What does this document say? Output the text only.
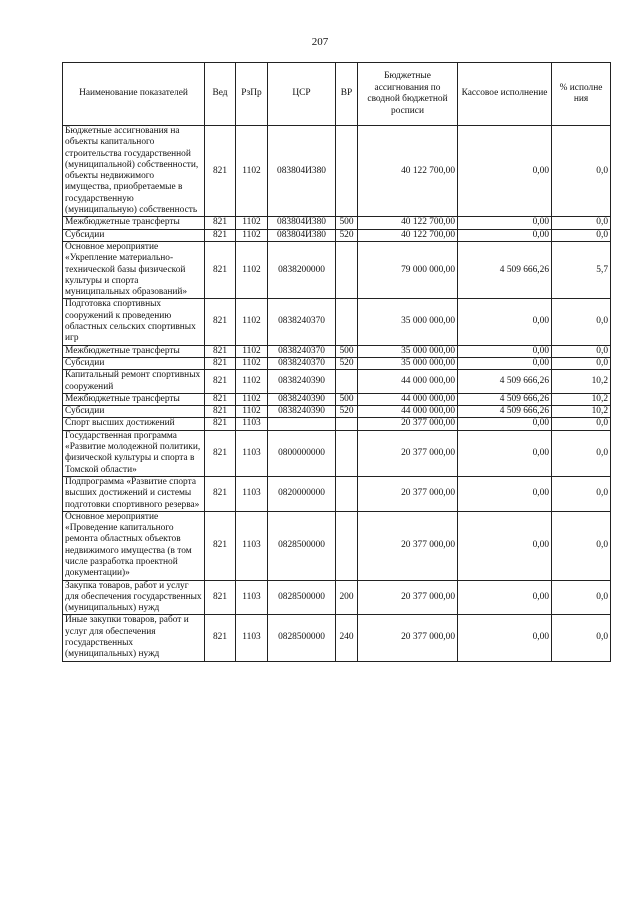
207
Наименование показателей	Вед	РзПр	ЦСР	ВР	Бюджетные ассигнования по сводной бюджетной росписи	Кассовое исполнение	% исполне ния
Бюджетные ассигнования на объекты капитального строительства государственной (муниципальной) собственности, объекты недвижимого имущества, приобретаемые в государственную (муниципальную) собственность	821	1102	083804И380		40 122 700,00	0,00	0,0
Межбюджетные трансферты	821	1102	083804И380	500	40 122 700,00	0,00	0,0
Субсидии	821	1102	083804И380	520	40 122 700,00	0,00	0,0
Основное мероприятие «Укрепление материально-технической базы физической культуры и спорта муниципальных образований»	821	1102	0838200000		79 000 000,00	4 509 666,26	5,7
Подготовка спортивных сооружений к проведению областных сельских спортивных игр	821	1102	0838240370		35 000 000,00	0,00	0,0
Межбюджетные трансферты	821	1102	0838240370	500	35 000 000,00	0,00	0,0
Субсидии	821	1102	0838240370	520	35 000 000,00	0,00	0,0
Капитальный ремонт спортивных сооружений	821	1102	0838240390		44 000 000,00	4 509 666,26	10,2
Межбюджетные трансферты	821	1102	0838240390	500	44 000 000,00	4 509 666,26	10,2
Субсидии	821	1102	0838240390	520	44 000 000,00	4 509 666,26	10,2
Спорт высших достижений	821	1103			20 377 000,00	0,00	0,0
Государственная программа «Развитие молодежной политики, физической культуры и спорта в Томской области»	821	1103	0800000000		20 377 000,00	0,00	0,0
Подпрограмма «Развитие спорта высших достижений и системы подготовки спортивного резерва»	821	1103	0820000000		20 377 000,00	0,00	0,0
Основное мероприятие «Проведение капитального ремонта областных объектов недвижимого имущества (в том числе разработка проектной документации)»	821	1103	0828500000		20 377 000,00	0,00	0,0
Закупка товаров, работ и услуг для обеспечения государственных (муниципальных) нужд	821	1103	0828500000	200	20 377 000,00	0,00	0,0
Иные закупки товаров, работ и услуг для обеспечения государственных (муниципальных) нужд	821	1103	0828500000	240	20 377 000,00	0,00	0,0
